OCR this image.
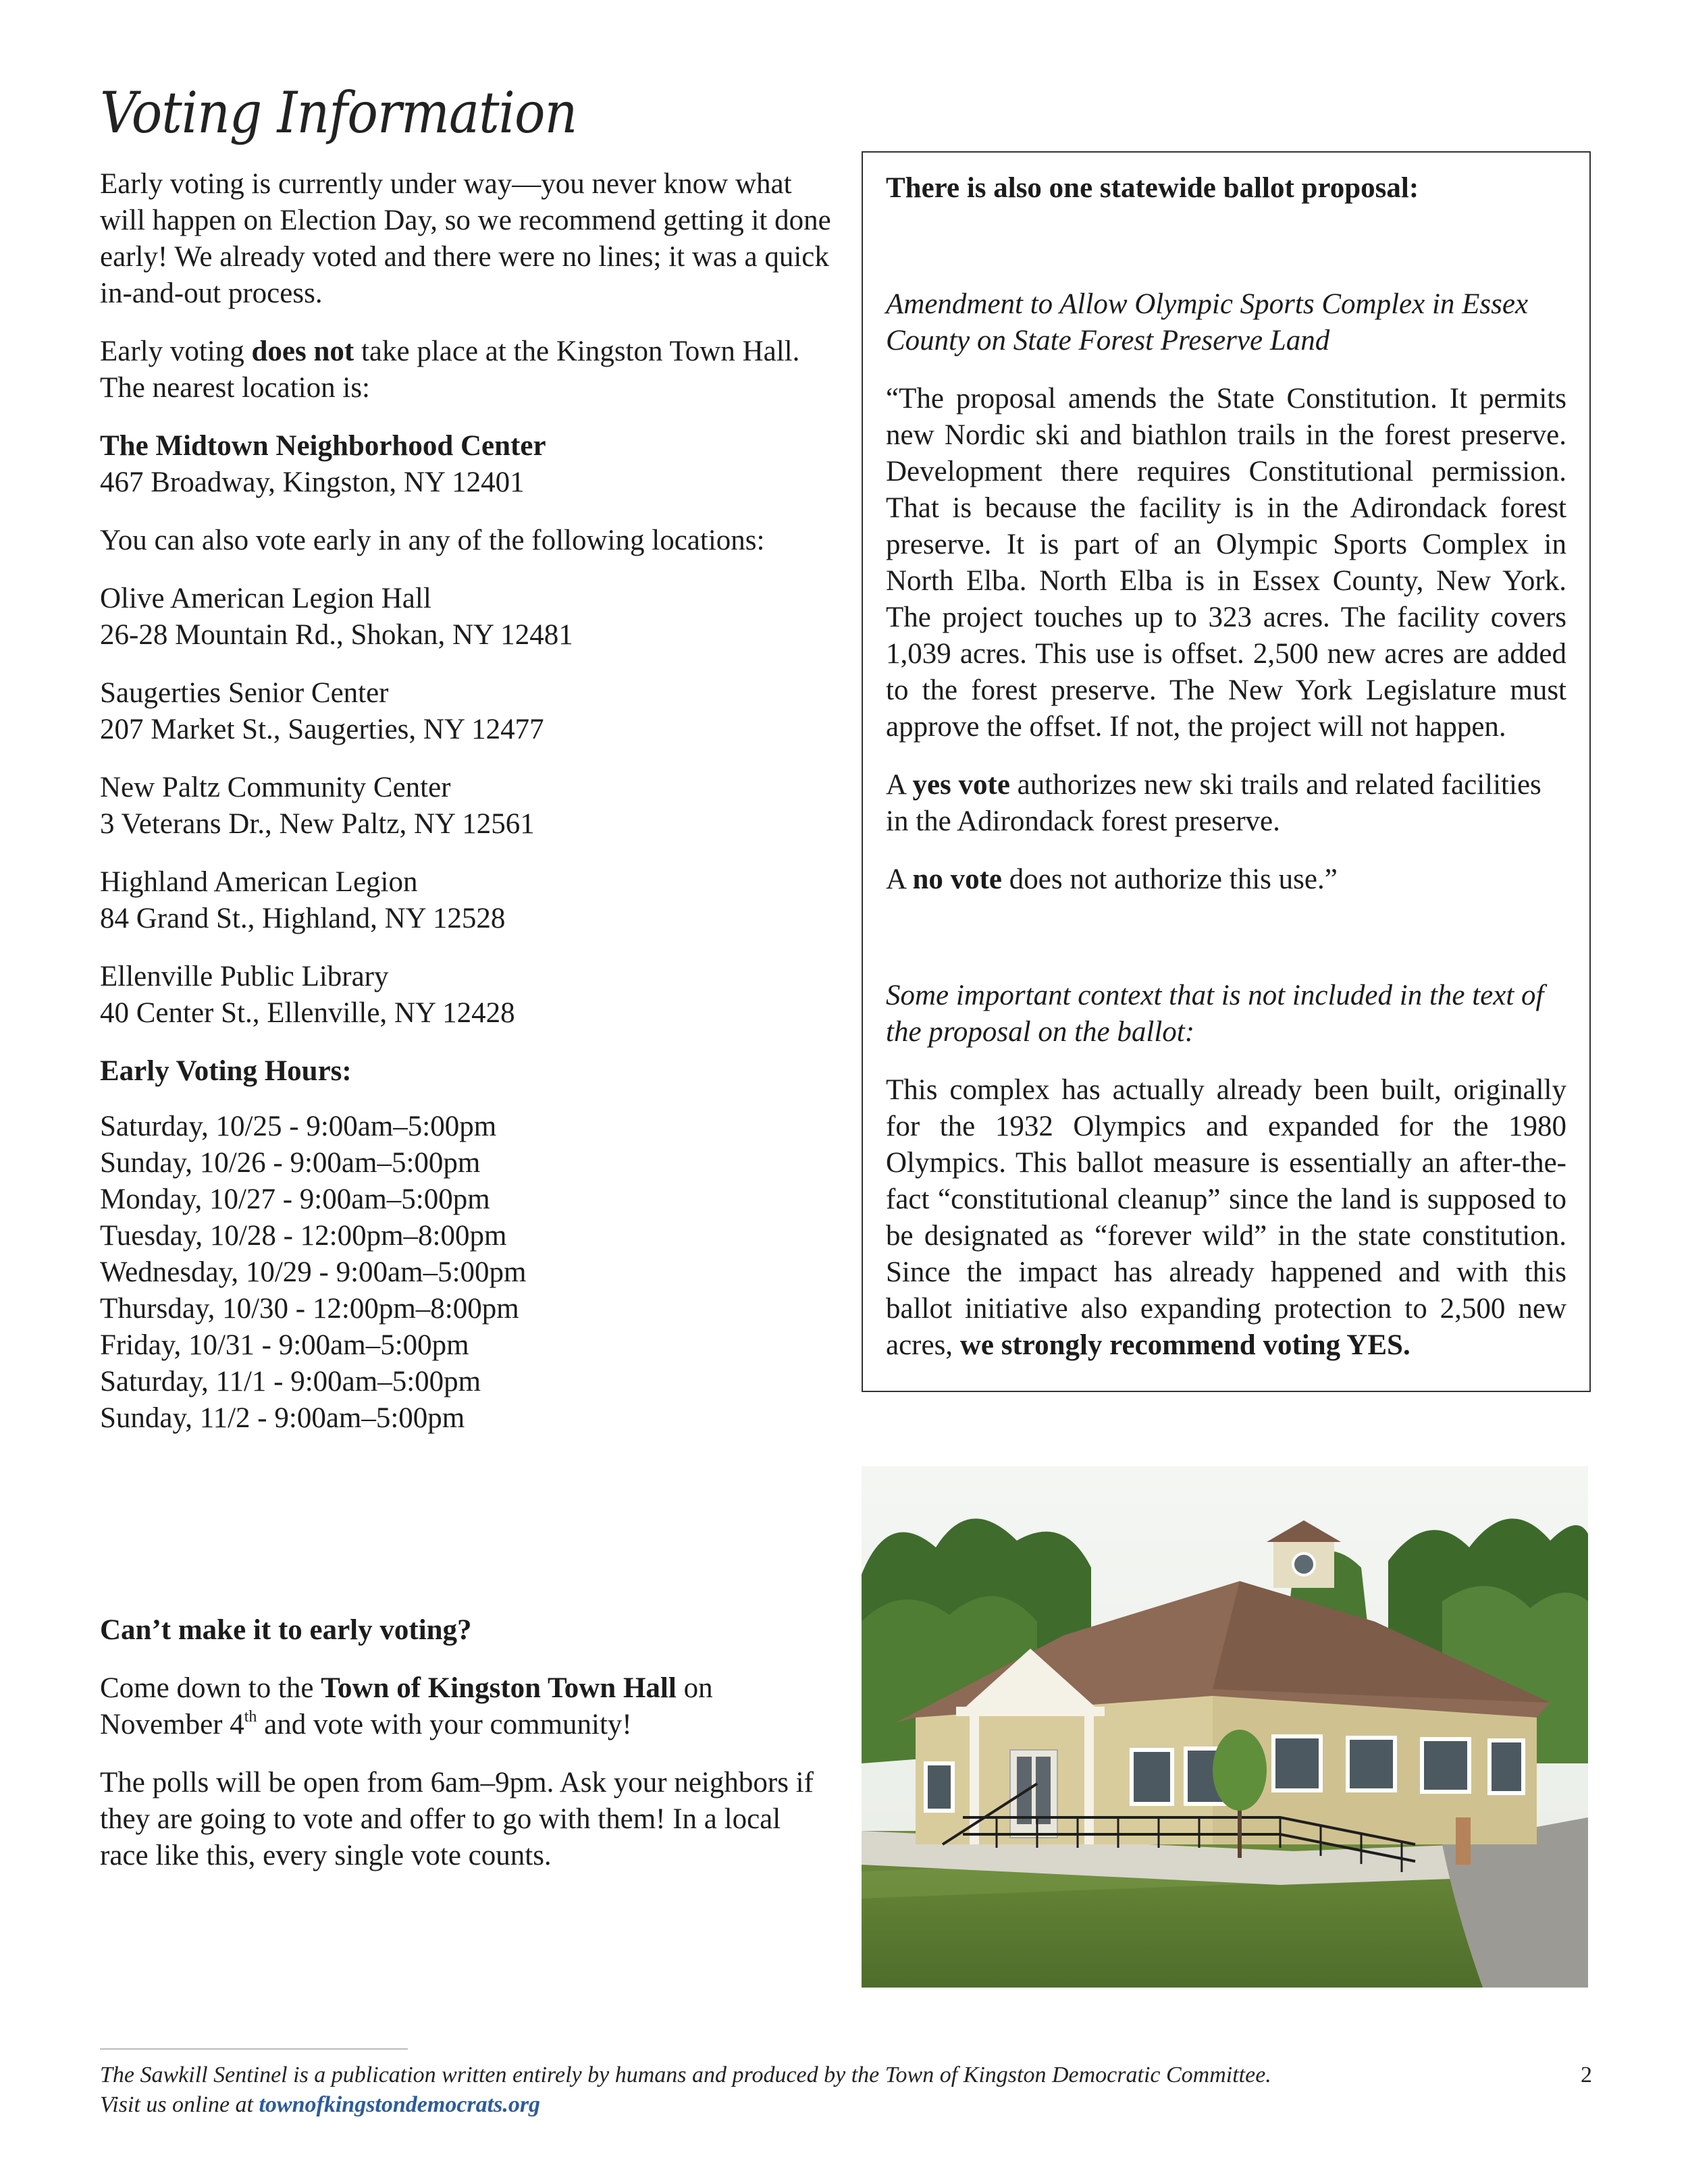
Voting Information

Early voting is currently under way—you never know what will happen on Election Day, so we recommend getting it done early! We already voted and there were no lines; it was a quick in-and-out process.

Early voting does not take place at the Kingston Town Hall. The nearest location is:

The Midtown Neighborhood Center
467 Broadway, Kingston, NY 12401

You can also vote early in any of the following locations:

Olive American Legion Hall
26-28 Mountain Rd., Shokan, NY 12481
Saugerties Senior Center
207 Market St., Saugerties, NY 12477
New Paltz Community Center
3 Veterans Dr., New Paltz, NY 12561
Highland American Legion
84 Grand St., Highland, NY 12528
Ellenville Public Library
40 Center St., Ellenville, NY 12428

Early Voting Hours:

Saturday, 10/25 - 9:00am–5:00pm
Sunday, 10/26 - 9:00am–5:00pm
Monday, 10/27 - 9:00am–5:00pm
Tuesday, 10/28 - 12:00pm–8:00pm
Wednesday, 10/29 - 9:00am–5:00pm
Thursday, 10/30 - 12:00pm–8:00pm
Friday, 10/31 - 9:00am–5:00pm
Saturday, 11/1 - 9:00am–5:00pm
Sunday, 11/2 - 9:00am–5:00pm

There is also one statewide ballot proposal:

Amendment to Allow Olympic Sports Complex in Essex County on State Forest Preserve Land

“The proposal amends the State Constitution. It permits new Nordic ski and biathlon trails in the forest preserve. Development there requires Constitutional permission. That is because the facility is in the Adirondack forest preserve. It is part of an Olympic Sports Complex in North Elba. North Elba is in Essex County, New York. The project touches up to 323 acres. The facility covers 1,039 acres. This use is offset. 2,500 new acres are added to the forest preserve. The New York Legislature must approve the offset. If not, the project will not happen.

A yes vote authorizes new ski trails and related facilities in the Adirondack forest preserve.

A no vote does not authorize this use.”

Some important context that is not included in the text of the proposal on the ballot:

This complex has actually already been built, originally for the 1932 Olympics and expanded for the 1980 Olympics. This ballot measure is essentially an after-the-fact “constitutional cleanup” since the land is supposed to be designated as “forever wild” in the state constitution. Since the impact has already happened and with this ballot initiative also expanding protection to 2,500 new acres, we strongly recommend voting YES.

Can’t make it to early voting?

Come down to the Town of Kingston Town Hall on November 4th and vote with your community!

The polls will be open from 6am–9pm. Ask your neighbors if they are going to vote and offer to go with them! In a local race like this, every single vote counts.

The Sawkill Sentinel is a publication written entirely by humans and produced by the Town of Kingston Democratic Committee.
Visit us online at townofkingstondemocrats.org
2
